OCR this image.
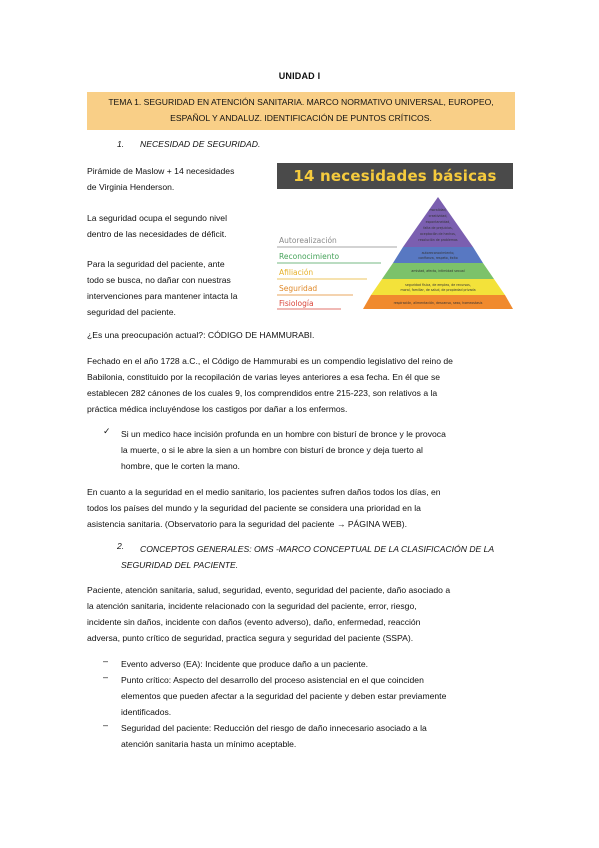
UNIDAD I
TEMA 1. SEGURIDAD EN ATENCIÓN SANITARIA. MARCO NORMATIVO UNIVERSAL, EUROPEO,
ESPAÑOL Y ANDALUZ. IDENTIFICACIÓN DE PUNTOS CRÍTICOS.
1. NECESIDAD DE SEGURIDAD.
Pirámide de Maslow + 14 necesidades
de Virginia Henderson.
La seguridad ocupa el segundo nivel
dentro de las necesidades de déficit.
Para la seguridad del paciente, ante
todo se busca, no dañar con nuestras
intervenciones para mantener intacta la
seguridad del paciente.
14 necesidades básicas
moralidad,
creatividad,
espontaneidad,
falta de prejuicios,
aceptación de hechos,
resolución de problemas
autoreconocimiento,
confianza, respeto, éxito
amistad, afecto, intimidad sexual
seguridad física, de empleo, de recursos,
moral, familiar, de salud, de propiedad privada
respiración, alimentación, descanso, sexo, homeostasis
Autorealización
Reconocimiento
Afiliación
Seguridad
Fisiología
¿Es una preocupación actual?: CÓDIGO DE HAMMURABI.
Fechado en el año 1728 a.C., el Código de Hammurabi es un compendio legislativo del reino de
Babilonia, constituido por la recopilación de varias leyes anteriores a esa fecha. En él que se
establecen 282 cánones de los cuales 9, los comprendidos entre 215-223, son relativos a la
práctica médica incluyéndose los castigos por dañar a los enfermos.
✓ Si un medico hace incisión profunda en un hombre con bisturí de bronce y le provoca
la muerte, o si le abre la sien a un hombre con bisturí de bronce y deja tuerto al
hombre, que le corten la mano.
En cuanto a la seguridad en el medio sanitario, los pacientes sufren daños todos los días, en
todos los países del mundo y la seguridad del paciente se considera una prioridad en la
asistencia sanitaria. (Observatorio para la seguridad del paciente → PÁGINA WEB).
2.	CONCEPTOS GENERALES: OMS -MARCO CONCEPTUAL DE LA CLASIFICACIÓN DE LA
SEGURIDAD DEL PACIENTE.
Paciente, atención sanitaria, salud, seguridad, evento, seguridad del paciente, daño asociado a
la atención sanitaria, incidente relacionado con la seguridad del paciente, error, riesgo,
incidente sin daños, incidente con daños (evento adverso), daño, enfermedad, reacción
adversa, punto crítico de seguridad, practica segura y seguridad del paciente (SSPA).
– Evento adverso (EA): Incidente que produce daño a un paciente.
– Punto crítico: Aspecto del desarrollo del proceso asistencial en el que coinciden
elementos que pueden afectar a la seguridad del paciente y deben estar previamente
identificados.
– Seguridad del paciente: Reducción del riesgo de daño innecesario asociado a la
atención sanitaria hasta un mínimo aceptable.
